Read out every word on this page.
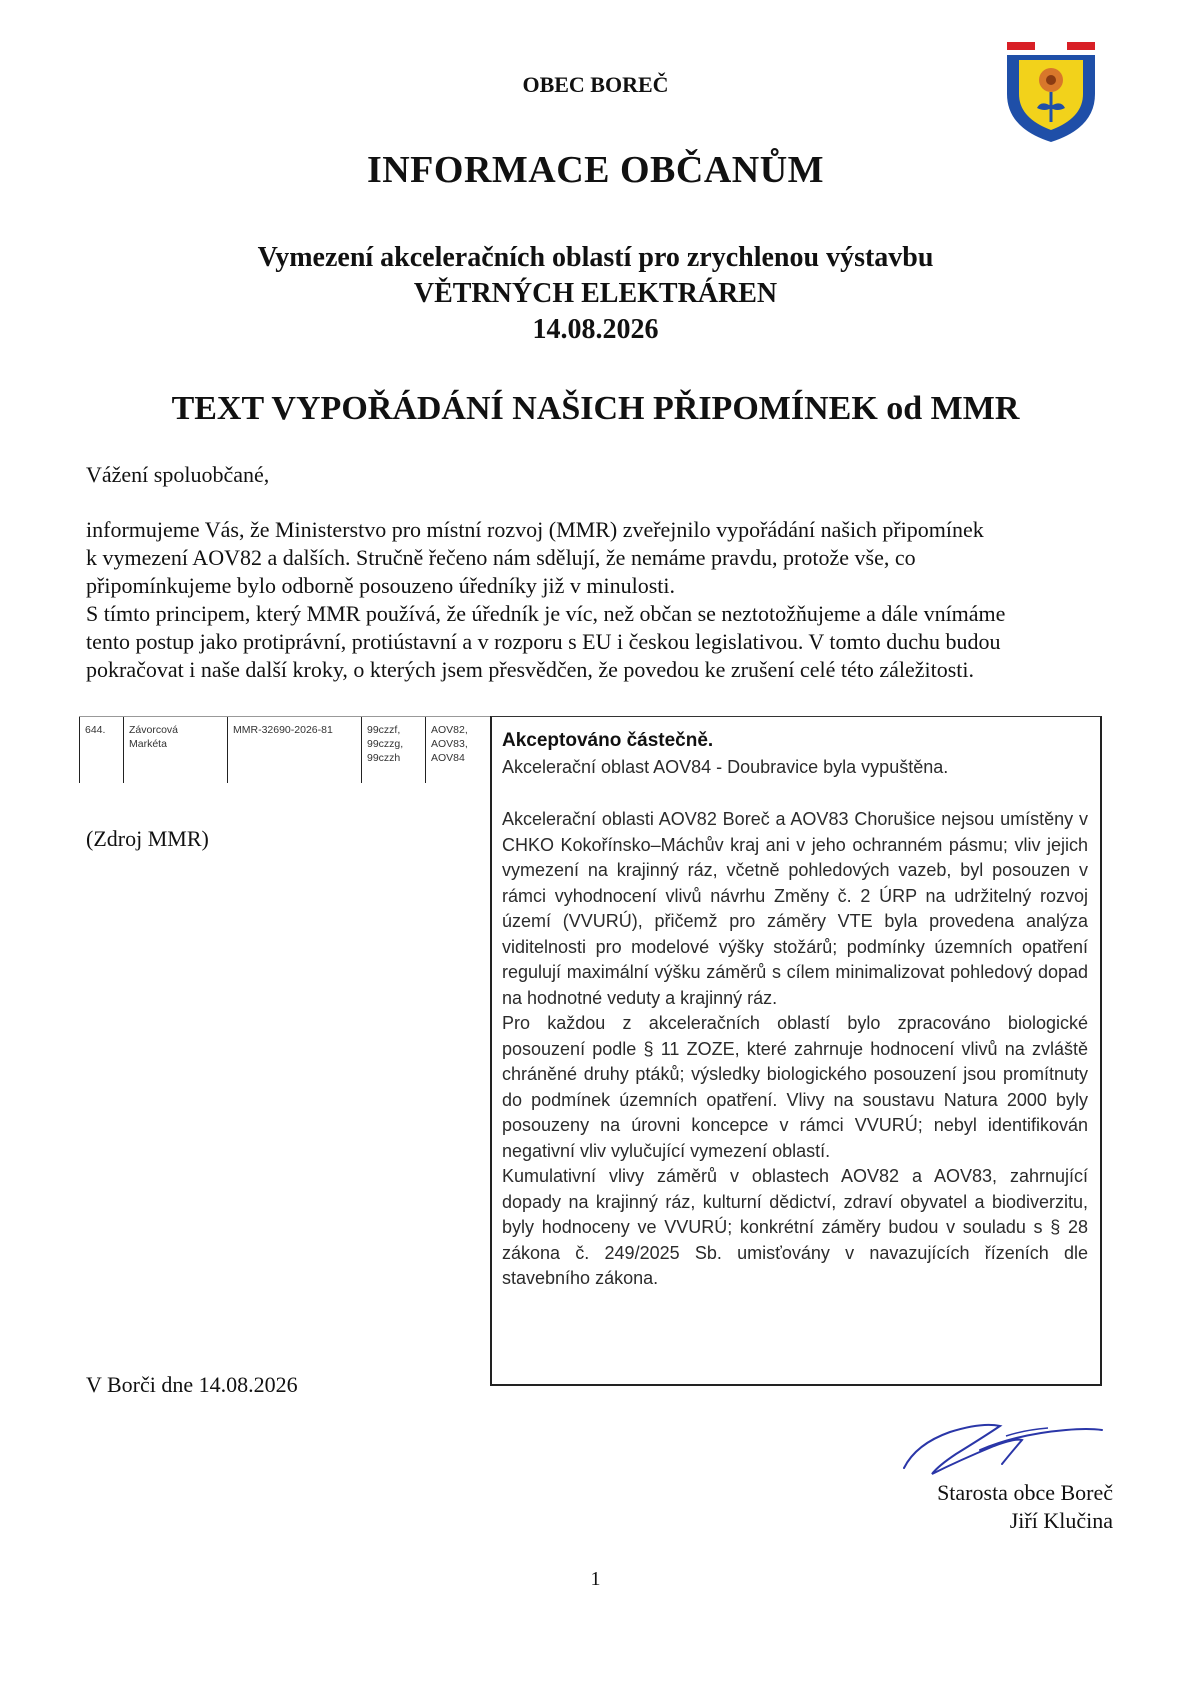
OBEC BOREČ
INFORMACE OBČANŮM
Vymezení akceleračních oblastí pro zrychlenou výstavbu
VĚTRNÝCH ELEKTRÁREN
14.08.2026
TEXT VYPOŘÁDÁNÍ NAŠICH PŘIPOMÍNEK od MMR
Vážení spoluobčané,

informujeme Vás, že Ministerstvo pro místní rozvoj (MMR) zveřejnilo vypořádání našich připomínek

k vymezení AOV82 a dalších. Stručně řečeno nám sdělují, že nemáme pravdu, protože vše, co

připomínkujeme bylo odborně posouzeno úředníky již v minulosti.

S tímto principem, který MMR používá, že úředník je víc, než občan se neztotožňujeme a dále vnímáme

tento postup jako protiprávní, protiústavní a v rozporu s EU i českou legislativou. V tomto duchu budou

pokračovat i naše další kroky, o kterých jsem přesvědčen, že povedou ke zrušení celé této záležitosti.

644.	Závorcová
Markéta
MMR-32690-2026-81	99czzf,
99czzg,
99czzh
AOV82,
AOV83,
AOV84
(Zdroj MMR)
Akceptováno částečně.
Akcelerační oblast AOV84 - Doubravice byla vypuštěna.

Akcelerační oblasti AOV82 Boreč a AOV83 Chorušice nejsou umístěny v CHKO Kokořínsko–Máchův kraj ani v jeho ochranném pásmu; vliv jejich vymezení na krajinný ráz, včetně pohledových vazeb, byl posouzen v rámci vyhodnocení vlivů návrhu Změny č. 2 ÚRP na udržitelný rozvoj území (VVURÚ), přičemž pro záměry VTE byla provedena analýza viditelnosti pro modelové výšky stožárů; podmínky územních opatření regulují maximální výšku záměrů s cílem minimalizovat pohledový dopad na hodnotné veduty a krajinný ráz.

Pro každou z akceleračních oblastí bylo zpracováno biologické posouzení podle § 11 ZOZE, které zahrnuje hodnocení vlivů na zvláště chráněné druhy ptáků; výsledky biologického posouzení jsou promítnuty do podmínek územních opatření. Vlivy na soustavu Natura 2000 byly posouzeny na úrovni koncepce v rámci VVURÚ; nebyl identifikován negativní vliv vylučující vymezení oblastí.

Kumulativní vlivy záměrů v oblastech AOV82 a AOV83, zahrnující dopady na krajinný ráz, kulturní dědictví, zdraví obyvatel a biodiverzitu, byly hodnoceny ve VVURÚ; konkrétní záměry budou v souladu s § 28 zákona č. 249/2025 Sb. umisťovány v navazujících řízeních dle stavebního zákona.

V Borči dne 14.08.2026
Starosta obce Boreč
Jiří Klučina
1
